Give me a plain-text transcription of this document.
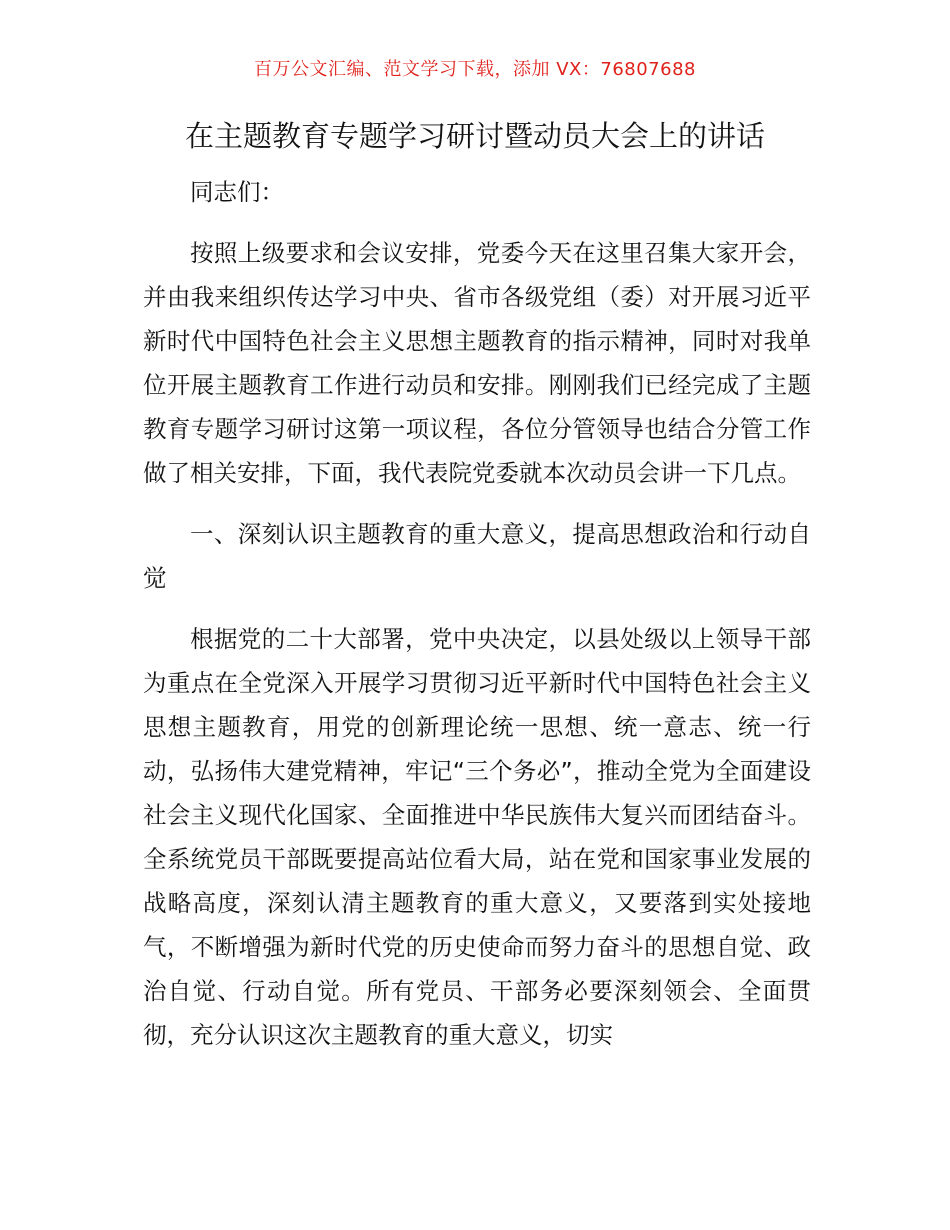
百万公文汇编、范文学习下载，添加 VX：76807688
在主题教育专题学习研讨暨动员大会上的讲话

同志们：

按照上级要求和会议安排，党委今天在这里召集大家开会，并由我来组织传达学习中央、省市各级党组（委）对开展习近平新时代中国特色社会主义思想主题教育的指示精神，同时对我单位开展主题教育工作进行动员和安排。刚刚我们已经完成了主题教育专题学习研讨这第一项议程，各位分管领导也结合分管工作做了相关安排，下面，我代表院党委就本次动员会讲一下几点。

一、深刻认识主题教育的重大意义，提高思想政治和行动自觉

根据党的二十大部署，党中央决定，以县处级以上领导干部为重点在全党深入开展学习贯彻习近平新时代中国特色社会主义思想主题教育，用党的创新理论统一思想、统一意志、统一行动，弘扬伟大建党精神，牢记“三个务必”，推动全党为全面建设社会主义现代化国家、全面推进中华民族伟大复兴而团结奋斗。全系统党员干部既要提高站位看大局，站在党和国家事业发展的战略高度，深刻认清主题教育的重大意义，又要落到实处接地气，不断增强为新时代党的历史使命而努力奋斗的思想自觉、政治自觉、行动自觉。所有党员、干部务必要深刻领会、全面贯彻，充分认识这次主题教育的重大意义，切实
